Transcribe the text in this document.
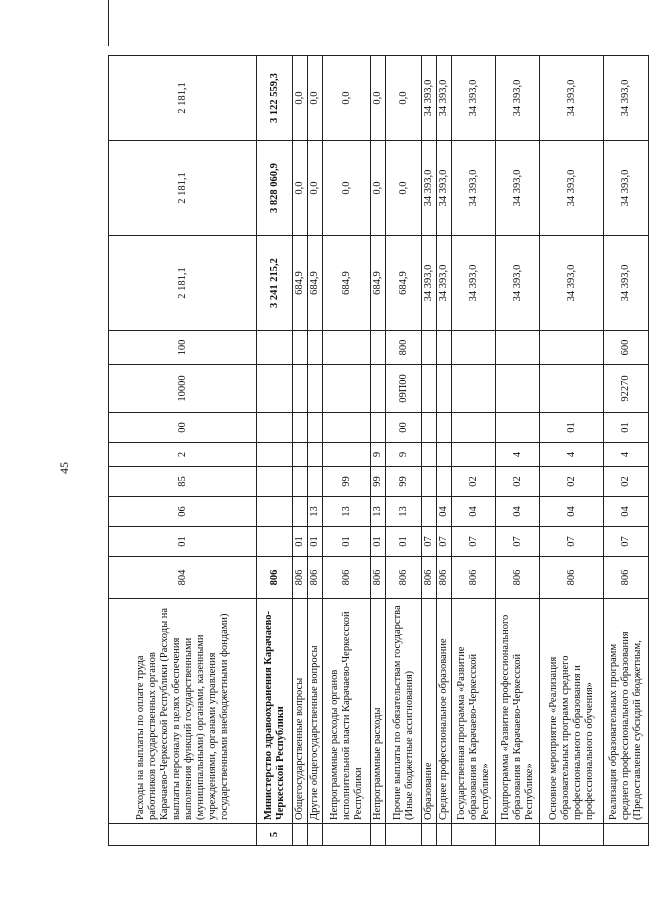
45
	Расходы на выплаты по оплате труда работников государственных органов Карачаево-Черкесской Республики (Расходы на выплаты персоналу в целях обеспечения выполнения функций государственными (муниципальными) органами, казенными учреждениями, органами управления государственными внебюджетными фондами)	804	01	06	85	2	00	10000	100	2 181,1	2 181,1	2 181,1
5	Министерство здравоохранения Карачаево-Черкесской Республики	806								3 241 215,2	3 828 060,9	3 122 559,3
	Общегосударственные вопросы	806	01							684,9	0,0	0,0
	Другие общегосударственные вопросы	806	01	13						684,9	0,0	0,0
	Непрограммные расходы органов исполнительной власти Карачаево-Черкесской Республики	806	01	13	99					684,9	0,0	0,0
	Непрограммные расходы	806	01	13	99	9				684,9	0,0	0,0
	Прочие выплаты по обязательствам государства (Иные бюджетные ассигнования)	806	01	13	99	9	00	09П00	800	684,9	0,0	0,0
	Образование	806	07							34 393,0	34 393,0	34 393,0
	Среднее профессиональное образование	806	07	04						34 393,0	34 393,0	34 393,0
	Государственная программа «Развитие образования в Карачаево-Черкесской Республике»	806	07	04	02					34 393,0	34 393,0	34 393,0
	Подпрограмма «Развитие профессионального образования в Карачаево-Черкесской Республике»	806	07	04	02	4				34 393,0	34 393,0	34 393,0
	Основное мероприятие «Реализация образовательных программ среднего профессионального образования и профессионального обучения»	806	07	04	02	4	01			34 393,0	34 393,0	34 393,0
	Реализация образовательных программ среднего профессионального образования (Предоставление субсидий бюджетным,	806	07	04	02	4	01	92270	600	34 393,0	34 393,0	34 393,0
